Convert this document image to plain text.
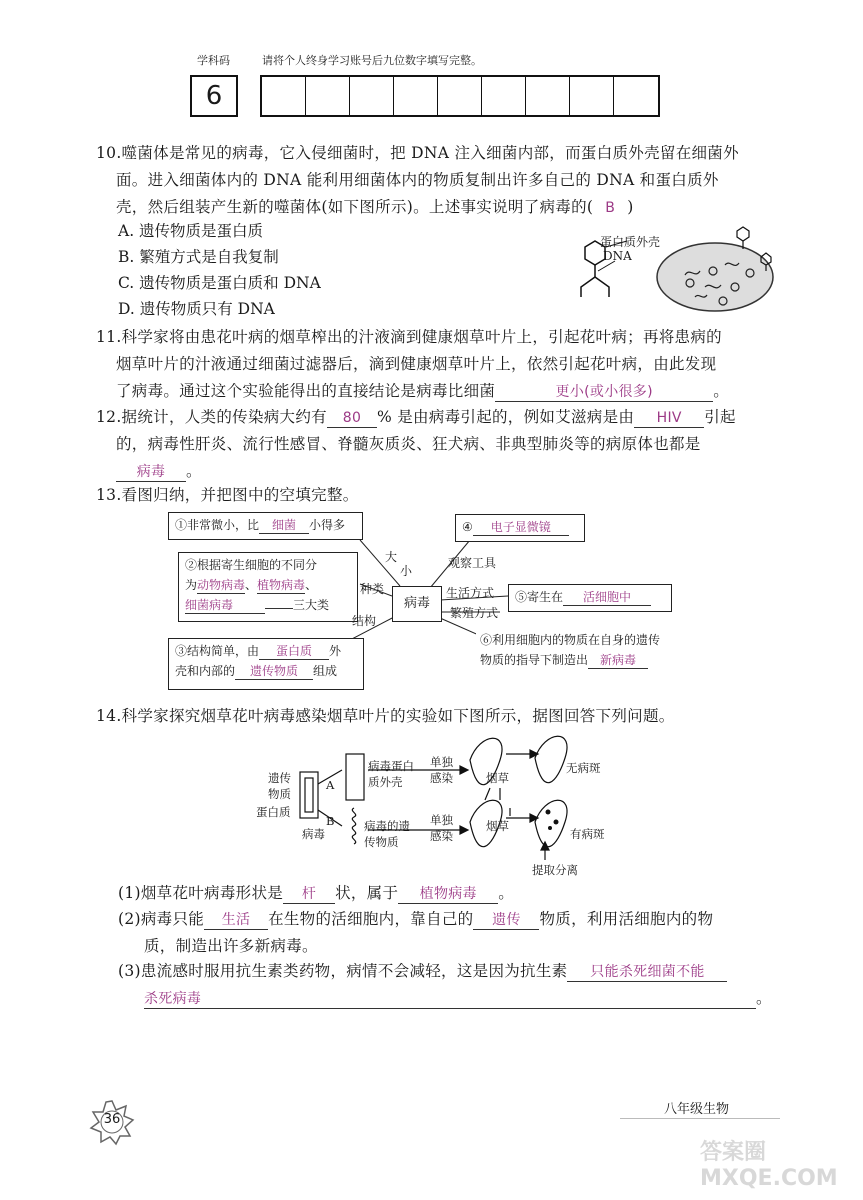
学科码	请将个人终身学习账号后九位数字填写完整。
6
10.噬菌体是常见的病毒，它入侵细菌时，把 DNA 注入细菌内部，而蛋白质外壳留在细菌外
面。进入细菌体内的 DNA 能利用细菌体内的物质复制出许多自己的 DNA 和蛋白质外
壳，然后组装产生新的噬菌体(如下图所示)。上述事实说明了病毒的( B )
A. 遗传物质是蛋白质
B. 繁殖方式是自我复制
C. 遗传物质是蛋白质和 DNA
D. 遗传物质只有 DNA
蛋白质外壳
DNA
11.科学家将由患花叶病的烟草榨出的汁液滴到健康烟草叶片上，引起花叶病；再将患病的
烟草叶片的汁液通过细菌过滤器后，滴到健康烟草叶片上，依然引起花叶病，由此发现
了病毒。通过这个实验能得出的直接结论是病毒比细菌	更小(或小很多)	。
12.据统计，人类的传染病大约有 80 % 是由病毒引起的，例如艾滋病是由 HIV 引起
的，病毒性肝炎、流行性感冒、脊髓灰质炎、狂犬病、非典型肺炎等的病原体也都是
病毒 。
13.看图归纳，并把图中的空填完整。
病毒
①非常微小，比 细菌 小得多
②根据寄生细胞的不同分
为动物病毒、植物病毒、
细菌病毒	三大类
③结构简单，由 蛋白质 外
壳和内部的 遗传物质 组成
④ 电子显微镜
⑤寄生在 活细胞中
⑥利用细胞内的物质在自身的遗传
物质的指导下制造出 新病毒
大
小
种类
结构
观察工具
生活方式
繁殖方式
14.科学家探究烟草花叶病毒感染烟草叶片的实验如下图所示，据图回答下列问题。
遗传
物质
蛋白质
病毒
A
B
病毒蛋白
质外壳
病毒的遗
传物质
单独
感染
单独
感染
烟草
烟草
无病斑
有病斑
提取分离
(1)烟草花叶病毒形状是 杆 状，属于 植物病毒 。
(2)病毒只能 生活 在生物的活细胞内，靠自己的 遗传 物质，利用活细胞内的物
质，制造出许多新病毒。
(3)患流感时服用抗生素类药物，病情不会减轻，这是因为抗生素 只能杀死细菌不能
杀死病毒	。
36
八年级生物
答案圈 MXQE.COM
